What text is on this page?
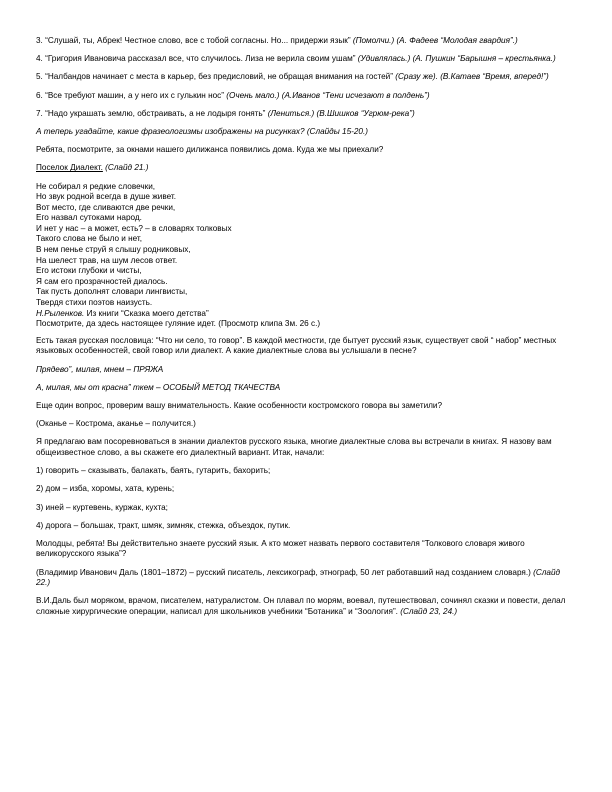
3. “Слушай, ты, Абрек! Честное слово, все с тобой согласны. Но... придержи язык” (Помолчи.) (А. Фадеев “Молодая гвардия”.)

4. “Григория Ивановичa рассказал все, что случилось. Лиза не верила своим ушам” (Удивлялась.) (А. Пушкин “Барышня – крестьянка.)

5. “Налбандов начинает с места в карьер, без предисловий, не обращая внимания на гостей” (Сразу же). (В.Катаев “Время, вперед!”)

6. “Все требуют машин, а у него их с гулькин нос” (Очень мало.) (А.Иванов “Тени исчезают в полдень”)

7. “Надо украшать землю, обстраивать, а не лодыря гонять” (Лениться.) (В.Шишков “Угрюм-река”)

А теперь угадайте, какие фразеологизмы изображены на рисунках? (Слайды 15-20.)

Ребята, посмотрите, за окнами нашего дилижанса появились дома. Куда же мы приехали?

Поселок Диалект. (Слайд 21.)

Не собирал я редкие словечки,
Но звук родной всегда в душе живет.
Вот место, где сливаются две речки,
Его назвал сутоками народ.
И нет у нас – а может, есть? – в словарях толковых
Такого слова не было и нет,
В нем пенье струй я слышу родниковых,
На шелест трав, на шум лесов ответ.
Его истоки глубоки и чисты,
Я сам его прозрачностей диалось.
Так пусть дополнят словари лингвисты,
Твердя стихи поэтов наизусть.
Н.Рыленков. Из книги “Сказка моего детства”
Посмотрите, да здесь настоящее гуляние идет. (Просмотр клипа 3м. 26 с.)

Есть такая русская пословица: “Что ни село, то говор”. В каждой местности, где бытует русский язык, существует свой “ набор” местных языковых особенностей, свой говор или диалект. А какие диалектные слова вы услышали в песне?

Прядево”, милая, мнем – ПРЯЖА

А, милая, мы от красна” ткем – ОСОБЫЙ МЕТОД ТКАЧЕСТВА

Еще один вопрос, проверим вашу внимательность. Какие особенности костромского говора вы заметили?

(Оканье – Кострома, аканье – получится.)

Я предлагаю вам посоревноваться в знании диалектов русского языка, многие диалектные слова вы встречали в книгах. Я назову вам общеизвестное слово, а вы скажете его диалектный вариант. Итак, начали:

1) говорить – сказывать, балакать, баять, гутарить, бахорить;

2) дом – изба, хоромы, хата, курень;

3) иней – куртевень, куржак, кухта;

4) дорога – большак, тракт, шмяк, зимняк, стежка, объездок, путик.

Молодцы, ребята! Вы действительно знаете русский язык. А кто может назвать первого составителя “Толкового словаря живого великорусского языка”?

(Владимир Иванович Даль (1801–1872) – русский писатель, лексикограф, этнограф, 50 лет работавший над созданием словаря.) (Слайд 22.)

В.И.Даль был моряком, врачом, писателем, натуралистом. Он плавал по морям, воевал, путешествовал, сочинял сказки и повести, делал сложные хирургические операции, написал для школьников учебники “Ботаника” и “Зоология”. (Слайд 23, 24.)
